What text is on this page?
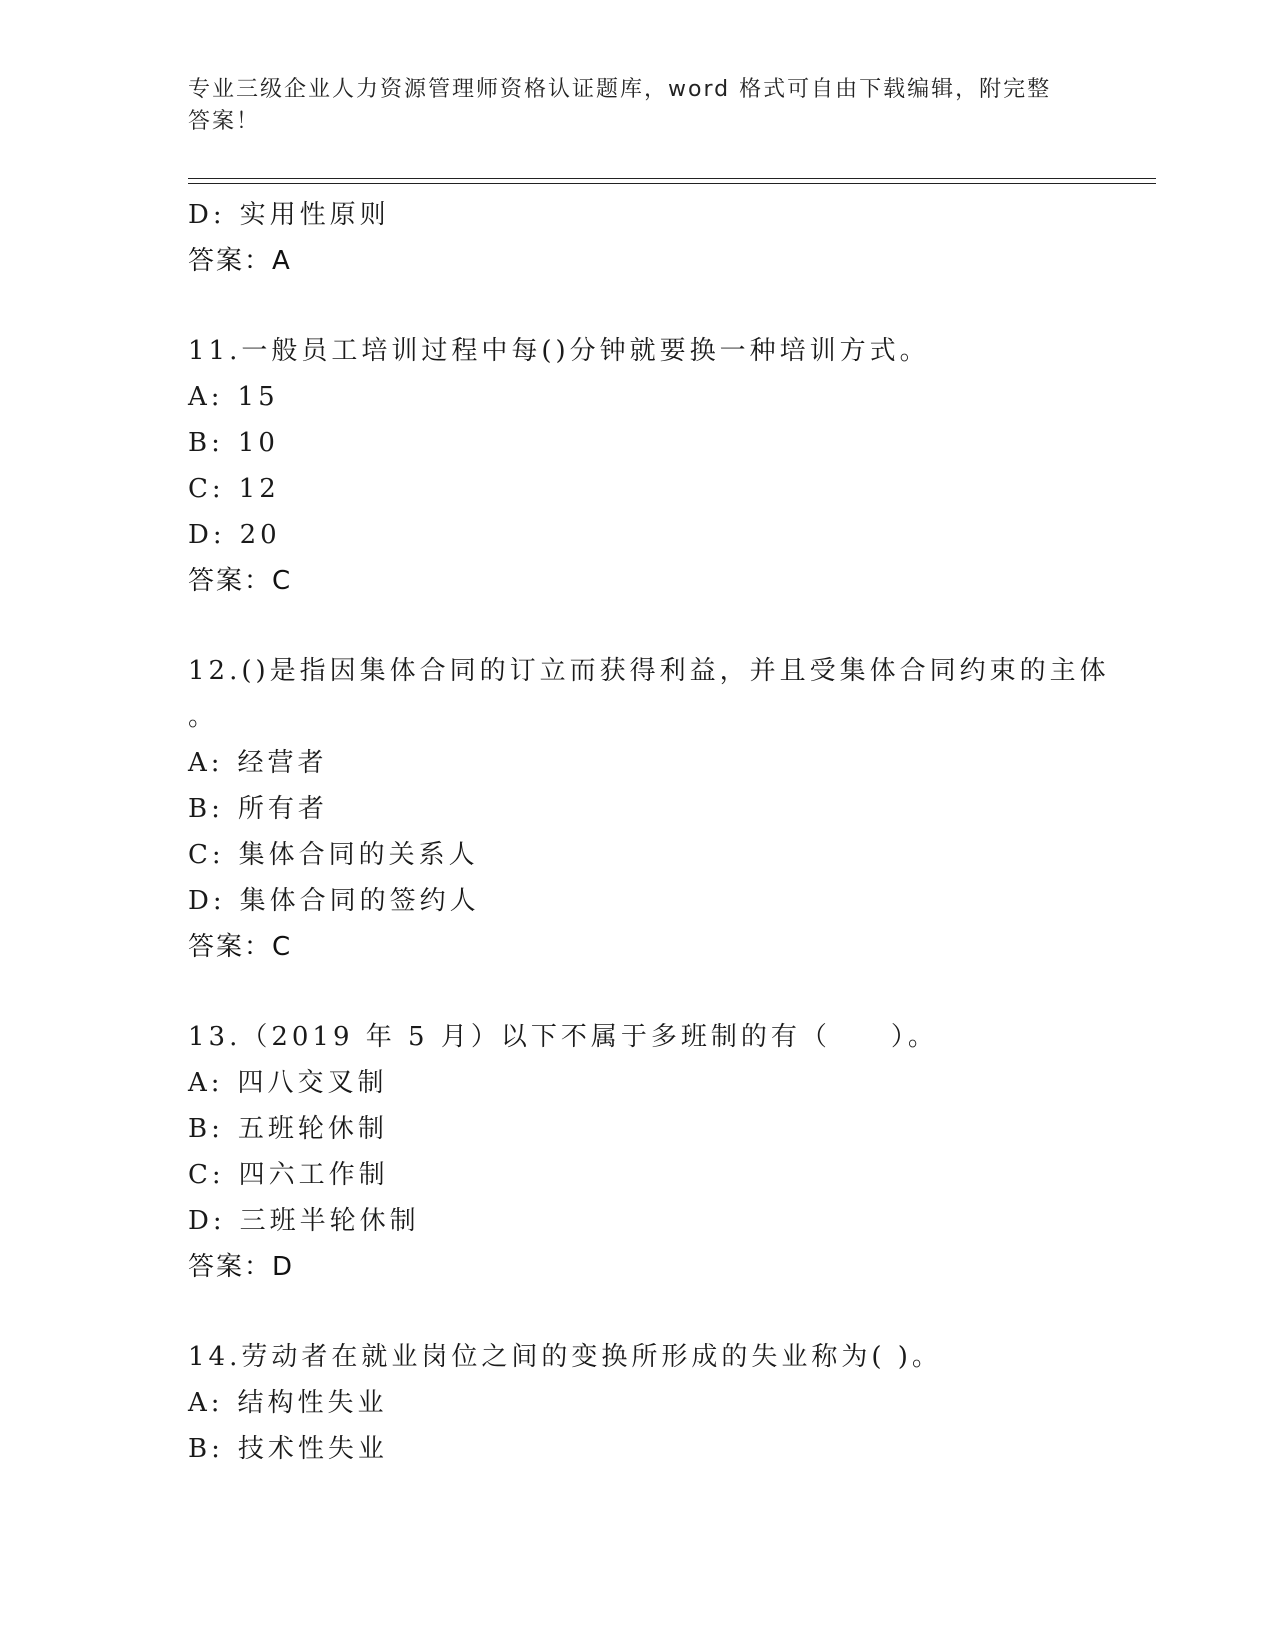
专业三级企业人力资源管理师资格认证题库，word 格式可自由下载编辑，附完整
答案！
D: 实用性原则
答案：A
11.一般员工培训过程中每()分钟就要换一种培训方式。
A: 15
B: 10
C: 12
D: 20
答案：C
12.()是指因集体合同的订立而获得利益，并且受集体合同约束的主体
。
A: 经营者
B: 所有者
C: 集体合同的关系人
D: 集体合同的签约人
答案：C
13.（2019 年 5 月）以下不属于多班制的有（　　）。
A: 四八交叉制
B: 五班轮休制
C: 四六工作制
D: 三班半轮休制
答案：D
14.劳动者在就业岗位之间的变换所形成的失业称为( )。
A: 结构性失业
B: 技术性失业
